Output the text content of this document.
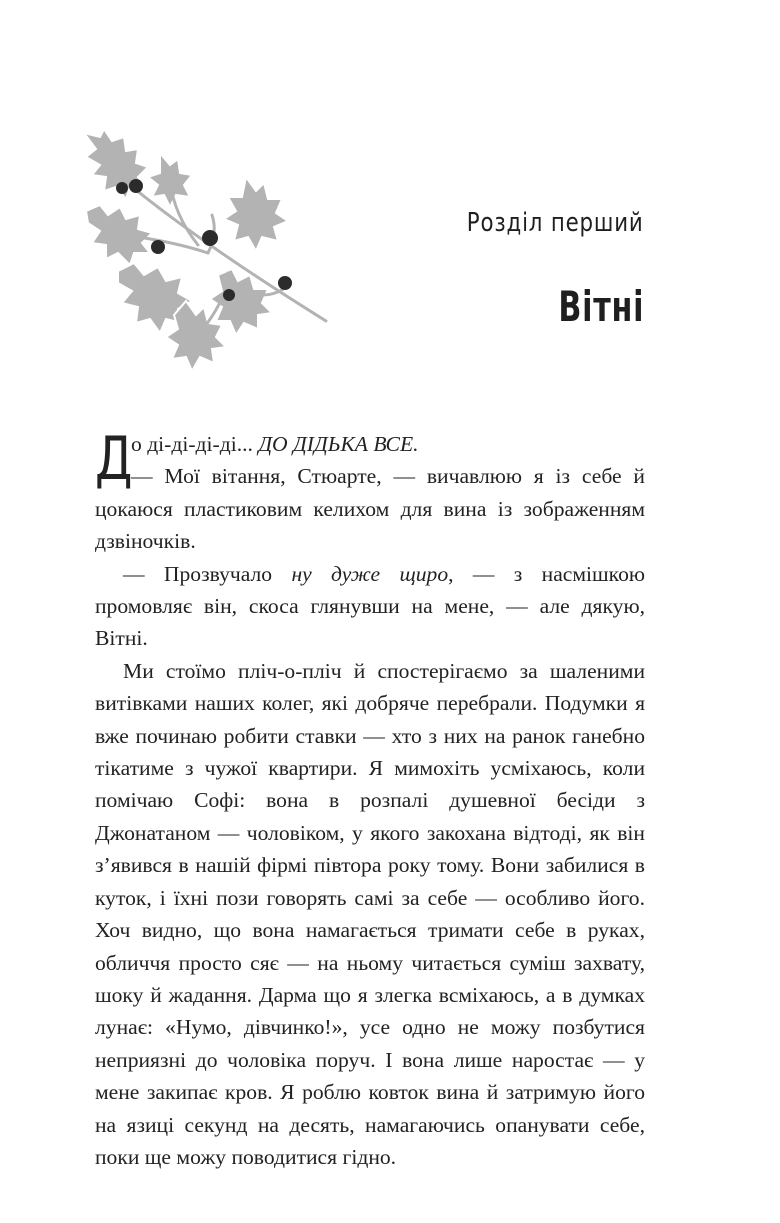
Розділ перший
Вітні

Д
о ді-ді-ді-ді... ДО ДІДЬКА ВСЕ.

— Мої вітання, Стюарте, — вичавлюю я із себе й цокаюся пластиковим келихом для вина із зображенням дзвіночків.

— Прозвучало ну дуже щиро, — з насмішкою промовляє він, скоса глянувши на мене, — але дякую, Вітні.

Ми стоїмо пліч-о-пліч й спостерігаємо за шаленими витівками наших колег, які добряче перебрали. Подумки я вже починаю робити ставки — хто з них на ранок ганебно тікатиме з чужої квартири. Я мимохіть усміхаюсь, коли помічаю Софі: вона в розпалі душевної бесіди з Джонатаном — чоловіком, у якого закохана відтоді, як він з’явився в нашій фірмі півтора року тому. Вони забилися в куток, і їхні пози говорять самі за себе — особливо його. Хоч видно, що вона намагається тримати себе в руках, обличчя просто сяє — на ньому читається суміш захвату, шоку й жадання. Дарма що я злегка всміхаюсь, а в думках лунає: «Нумо, дівчинко!», усе одно не можу позбутися неприязні до чоловіка поруч. І вона лише наростає — у мене закипає кров. Я роблю ковток вина й затримую його на язиці секунд на десять, намагаючись опанувати себе, поки ще можу поводитися гідно.
